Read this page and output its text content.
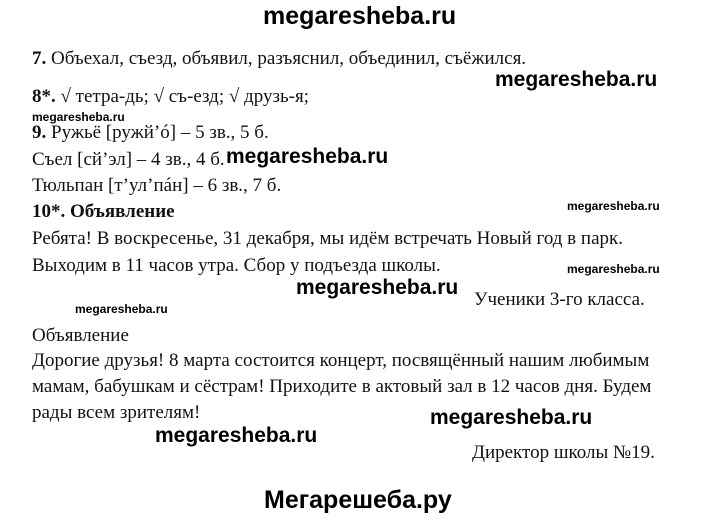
megaresheba.ru
megaresheba.ru
megaresheba.ru
megaresheba.ru
megaresheba.ru
megaresheba.ru
megaresheba.ru
megaresheba.ru
megaresheba.ru
megaresheba.ru
Мегарешеба.ру
7. Объехал, съезд, объявил, разъяснил, объединил, съёжился.
8*. √ тетра-дь; √ съ-езд; √ друзь-я;
9. Ружьё [ружй’ó] – 5 зв., 5 б.
Съел [сй’эл] – 4 зв., 4 б.
Тюльпан [т’ул’пáн] – 6 зв., 7 б.
10*. Объявление
Ребята! В воскресенье, 31 декабря, мы идём встречать Новый год в парк.
Выходим в 11 часов утра. Сбор у подъезда школы.
Ученики 3-го класса.
Объявление
Дорогие друзья! 8 марта состоится концерт, посвящённый нашим любимым
мамам, бабушкам и сёстрам! Приходите в актовый зал в 12 часов дня. Будем
рады всем зрителям!
Директор школы №19.
